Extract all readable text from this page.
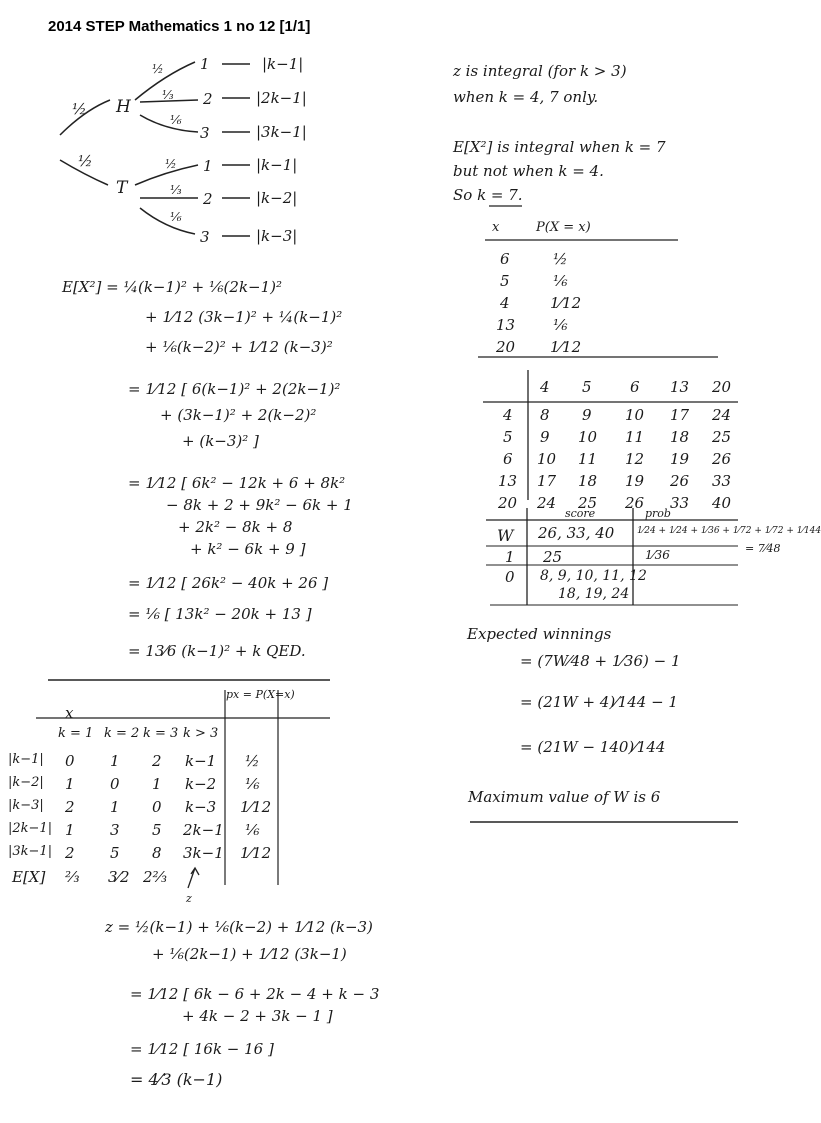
2014 STEP Mathematics 1 no 12 [1/1]
½
½
H
T
½
⅓
⅙
1
2
3
|k−1|
|2k−1|
|3k−1|
½
⅓
⅙
1
2
3
|k−1|
|k−2|
|k−3|
E[X²] = ¼(k−1)² + ⅙(2k−1)²
+ 1⁄12 (3k−1)² + ¼(k−1)²
+ ⅙(k−2)² + 1⁄12 (k−3)²
= 1⁄12 [ 6(k−1)² + 2(2k−1)²
+ (3k−1)² + 2(k−2)²
+ (k−3)² ]
= 1⁄12 [ 6k² − 12k + 6 + 8k²
− 8k + 2 + 9k² − 6k + 1
+ 2k² − 8k + 8
+ k² − 6k + 9 ]
= 1⁄12 [ 26k² − 40k + 26 ]
= ⅙ [ 13k² − 20k + 13 ]
= 13⁄6 (k−1)² + k QED.
px = P(X=x)
x
k = 1 k = 2 k = 3 k > 3
|k−1| 0 1 2 k−1 ½
|k−2| 1 0 1 k−2 ⅙
|k−3| 2 1 0 k−3 1⁄12
|2k−1| 1 3 5 2k−1 ⅙
|3k−1| 2 5 8 3k−1 1⁄12
E[X] ⅔ 3⁄2 2⅔
z
z = ½(k−1) + ⅙(k−2) + 1⁄12 (k−3)
+ ⅙(2k−1) + 1⁄12 (3k−1)
= 1⁄12 [ 6k − 6 + 2k − 4 + k − 3
+ 4k − 2 + 3k − 1 ]
= 1⁄12 [ 16k − 16 ]
= 4⁄3 (k−1)
z is integral (for k > 3)
when k = 4, 7 only.
E[X²] is integral when k = 7
but not when k = 4.
So k = 7.
x	P(X = x)
6	½
5	⅙
4	1⁄12
13	⅙
20 1⁄12
4 5	6 13 20
4 8 9 10 17 24
5 9 10 11 18 25
6 10 11 12 19 26
13 17 18 19 26 33
20 24 25 26 33 40
score	prob
W 26, 33, 40	1⁄24 + 1⁄24 + 1⁄36 + 1⁄72 + 1⁄72 + 1⁄144
= 7⁄48
1 25	1⁄36
0 8, 9, 10, 11, 12
18, 19, 24
Expected winnings
= (7W⁄48 + 1⁄36) − 1
= (21W + 4)⁄144 − 1
= (21W − 140)⁄144
Maximum value of W is 6
